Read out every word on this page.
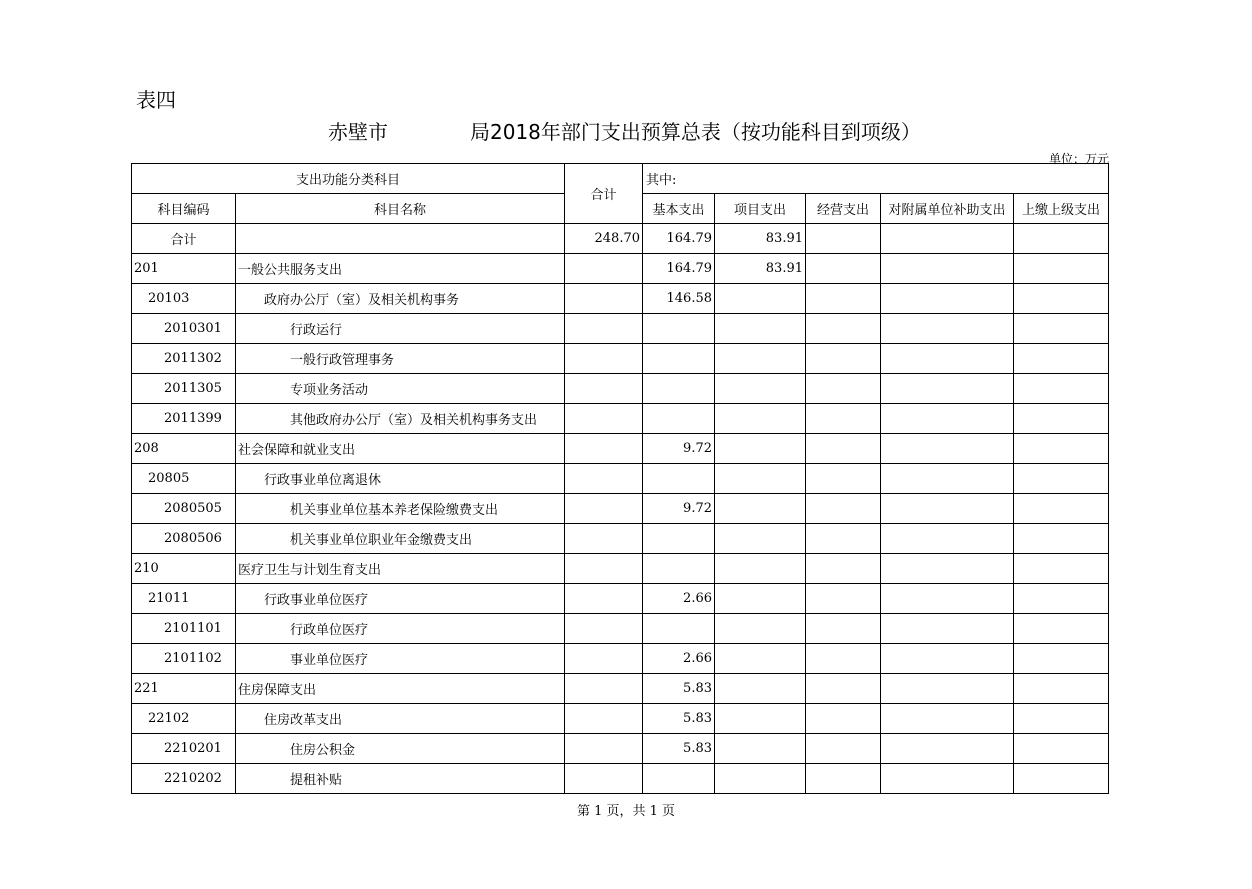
表四
赤壁市	局2018年部门支出预算总表（按功能科目到项级）
单位：万元
支出功能分类科目		合计	其中:				
科目编码	科目名称		基本支出	项目支出	经营支出	对附属单位补助支出	上缴上级支出
合计		248.70	164.79	83.91			
201	一般公共服务支出		164.79	83.91			
20103	政府办公厅（室）及相关机构事务		146.58				
2010301	行政运行						
2011302	一般行政管理事务						
2011305	专项业务活动						
2011399	其他政府办公厅（室）及相关机构事务支出						
208	社会保障和就业支出		9.72				
20805	行政事业单位离退休						
2080505	机关事业单位基本养老保险缴费支出		9.72				
2080506	机关事业单位职业年金缴费支出						
210	医疗卫生与计划生育支出						
21011	行政事业单位医疗		2.66				
2101101	行政单位医疗						
2101102	事业单位医疗		2.66				
221	住房保障支出		5.83				
22102	住房改革支出		5.83				
2210201	住房公积金		5.83				
2210202	提租补贴						
第 1 页，共 1 页
